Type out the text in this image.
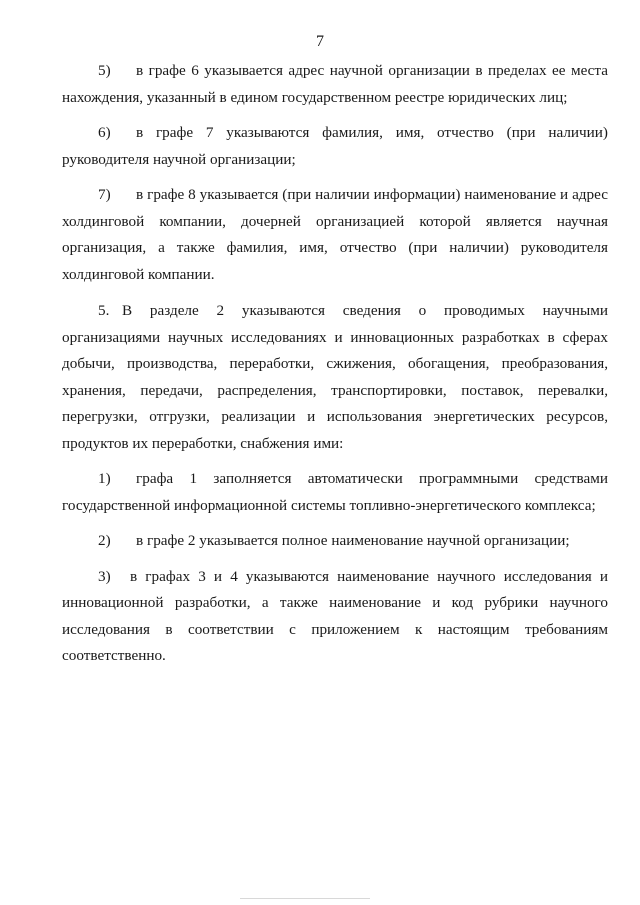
7

5) в графе 6 указывается адрес научной организации в пределах ее места нахождения, указанный в едином государственном реестре юридических лиц;

6) в графе 7 указываются фамилия, имя, отчество (при наличии) руководителя научной организации;

7) в графе 8 указывается (при наличии информации) наименование и адрес холдинговой компании, дочерней организацией которой является научная организация, а также фамилия, имя, отчество (при наличии) руководителя холдинговой компании.

5. В разделе 2 указываются сведения о проводимых научными организациями научных исследованиях и инновационных разработках в сферах добычи, производства, переработки, сжижения, обогащения, преобразования, хранения, передачи, распределения, транспортировки, поставок, перевалки, перегрузки, отгрузки, реализации и использования энергетических ресурсов, продуктов их переработки, снабжения ими:

1) графа 1 заполняется автоматически программными средствами государственной информационной системы топливно-энергетического комплекса;

2) в графе 2 указывается полное наименование научной организации;

3) в графах 3 и 4 указываются наименование научного исследования и инновационной разработки, а также наименование и код рубрики научного исследования в соответствии с приложением к настоящим требованиям соответственно.
